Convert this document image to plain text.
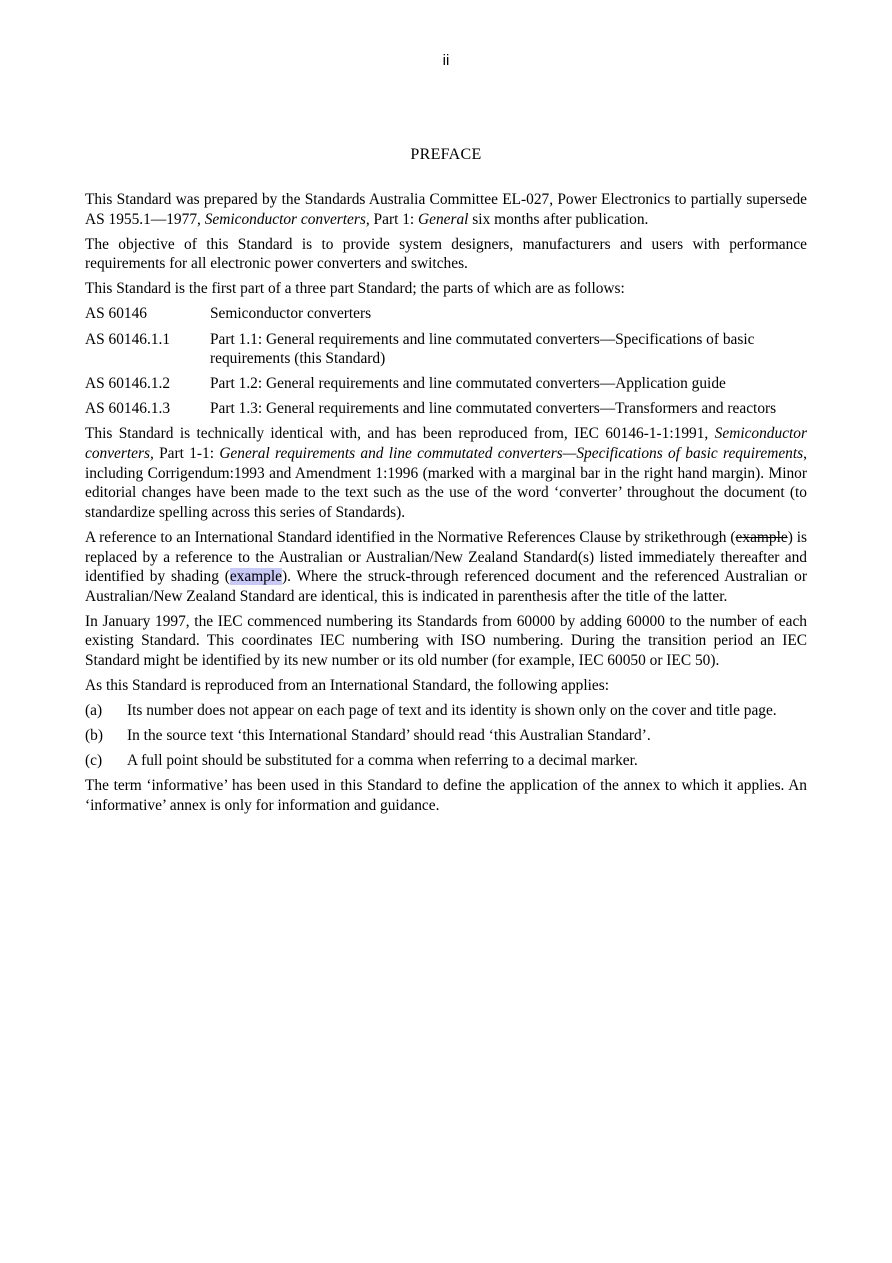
ii
PREFACE

This Standard was prepared by the Standards Australia Committee EL-027, Power Electronics to partially supersede AS 1955.1—1977, Semiconductor converters, Part 1: General six months after publication.

The objective of this Standard is to provide system designers, manufacturers and users with performance requirements for all electronic power converters and switches.

This Standard is the first part of a three part Standard; the parts of which are as follows:

AS 60146	Semiconductor converters
AS 60146.1.1	Part 1.1: General requirements and line commutated converters—Specifications of basic requirements (this Standard)
AS 60146.1.2	Part 1.2: General requirements and line commutated converters—Application guide
AS 60146.1.3	Part 1.3: General requirements and line commutated converters—Transformers and reactors

This Standard is technically identical with, and has been reproduced from, IEC 60146-1-1:1991, Semiconductor converters, Part 1-1: General requirements and line commutated converters—Specifications of basic requirements, including Corrigendum:1993 and Amendment 1:1996 (marked with a marginal bar in the right hand margin). Minor editorial changes have been made to the text such as the use of the word ‘converter’ throughout the document (to standardize spelling across this series of Standards).

A reference to an International Standard identified in the Normative References Clause by strikethrough (example) is replaced by a reference to the Australian or Australian/New Zealand Standard(s) listed immediately thereafter and identified by shading (example). Where the struck-through referenced document and the referenced Australian or Australian/New Zealand Standard are identical, this is indicated in parenthesis after the title of the latter.

In January 1997, the IEC commenced numbering its Standards from 60000 by adding 60000 to the number of each existing Standard. This coordinates IEC numbering with ISO numbering. During the transition period an IEC Standard might be identified by its new number or its old number (for example, IEC 60050 or IEC 50).

As this Standard is reproduced from an International Standard, the following applies:

(a)	Its number does not appear on each page of text and its identity is shown only on the cover and title page.
(b)	In the source text ‘this International Standard’ should read ‘this Australian Standard’.
(c)	A full point should be substituted for a comma when referring to a decimal marker.

The term ‘informative’ has been used in this Standard to define the application of the annex to which it applies. An ‘informative’ annex is only for information and guidance.
